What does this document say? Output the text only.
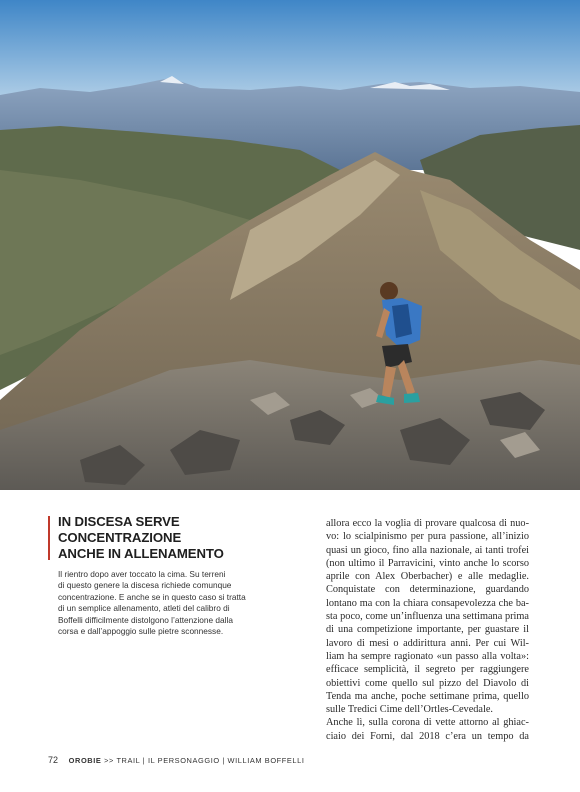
IN DISCESA SERVE
CONCENTRAZIONE
ANCHE IN ALLENAMENTO

Il rientro dopo aver toccato la cima. Su terreni
di questo genere la discesa richiede comunque
concentrazione. E anche se in questo caso si tratta
di un semplice allenamento, atleti del calibro di
Boffelli difficilmente distolgono l’attenzione dalla
corsa e dall’appoggio sulle pietre sconnesse.

allora ecco la voglia di provare qualcosa di nuo-
vo: lo scialpinismo per pura passione, all’inizio
quasi un gioco, fino alla nazionale, ai tanti trofei
(non ultimo il Parravicini, vinto anche lo scorso
aprile con Alex Oberbacher) e alle medaglie.
Conquistate con determinazione, guardando
lontano ma con la chiara consapevolezza che ba-
sta poco, come un’influenza una settimana prima
di una competizione importante, per guastare il
lavoro di mesi o addirittura anni. Per cui Wil-
liam ha sempre ragionato «un passo alla volta»:
efficace semplicità, il segreto per raggiungere
obiettivi come quello sul pizzo del Diavolo di
Tenda ma anche, poche settimane prima, quello
sulle Tredici Cime dell’Ortles-Cevedale.
Anche lì, sulla corona di vette attorno al ghiac-
ciaio dei Forni, dal 2018 c’era un tempo da
72 OROBIE >> TRAIL | IL PERSONAGGIO | WILLIAM BOFFELLI
